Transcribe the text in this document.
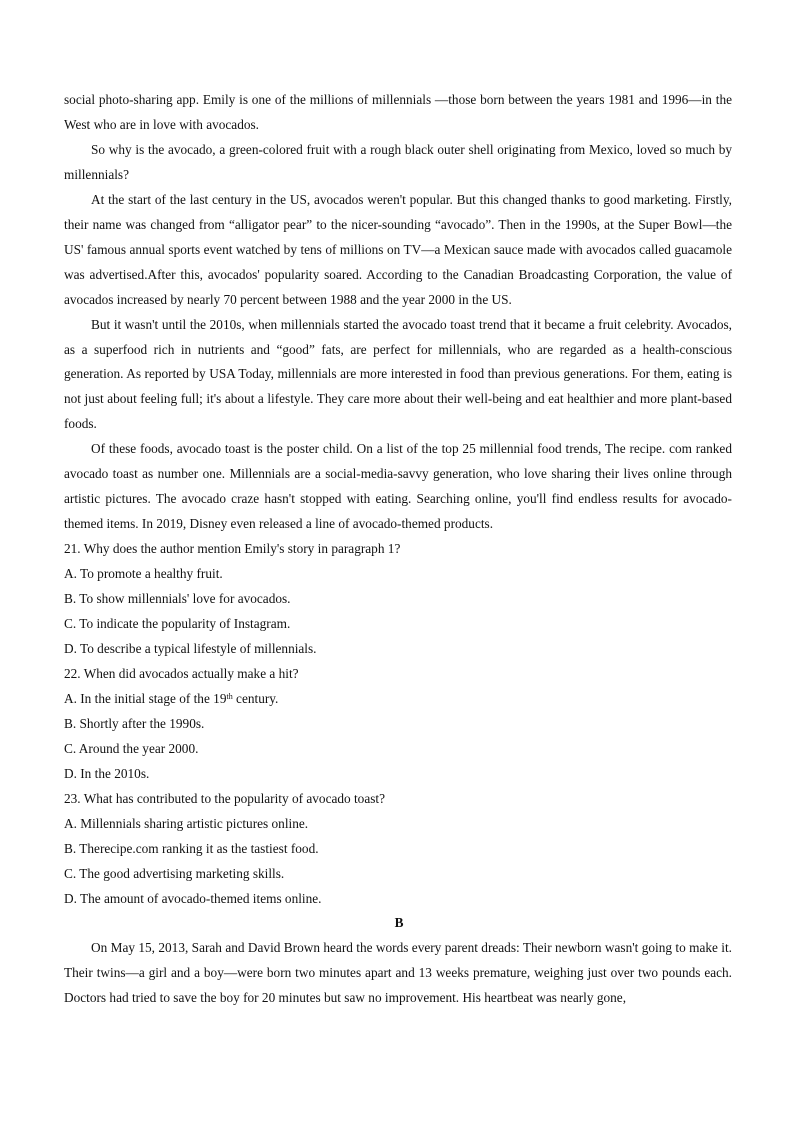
social photo-sharing app. Emily is one of the millions of millennials —those born between the years 1981 and 1996—in the West who are in love with avocados.

So why is the avocado, a green-colored fruit with a rough black outer shell originating from Mexico, loved so much by millennials?

At the start of the last century in the US, avocados weren't popular. But this changed thanks to good marketing. Firstly, their name was changed from “alligator pear” to the nicer-sounding “avocado”. Then in the 1990s, at the Super Bowl—the US' famous annual sports event watched by tens of millions on TV—a Mexican sauce made with avocados called guacamole was advertised.After this, avocados' popularity soared. According to the Canadian Broadcasting Corporation, the value of avocados increased by nearly 70 percent between 1988 and the year 2000 in the US.

But it wasn't until the 2010s, when millennials started the avocado toast trend that it became a fruit celebrity. Avocados, as a superfood rich in nutrients and “good” fats, are perfect for millennials, who are regarded as a health-conscious generation. As reported by USA Today, millennials are more interested in food than previous generations. For them, eating is not just about feeling full; it's about a lifestyle. They care more about their well-being and eat healthier and more plant-based foods.

Of these foods, avocado toast is the poster child. On a list of the top 25 millennial food trends, The recipe. com ranked avocado toast as number one. Millennials are a social-media-savvy generation, who love sharing their lives online through artistic pictures. The avocado craze hasn't stopped with eating. Searching online, you'll find endless results for avocado-themed items. In 2019, Disney even released a line of avocado-themed products.

21. Why does the author mention Emily's story in paragraph 1?

A. To promote a healthy fruit.

B. To show millennials' love for avocados.

C. To indicate the popularity of Instagram.

D. To describe a typical lifestyle of millennials.

22. When did avocados actually make a hit?

A. In the initial stage of the 19th century.

B. Shortly after the 1990s.

C. Around the year 2000.

D. In the 2010s.

23. What has contributed to the popularity of avocado toast?

A. Millennials sharing artistic pictures online.

B. Therecipe.com ranking it as the tastiest food.

C. The good advertising marketing skills.

D. The amount of avocado-themed items online.

B

On May 15, 2013, Sarah and David Brown heard the words every parent dreads: Their newborn wasn't going to make it. Their twins—a girl and a boy—were born two minutes apart and 13 weeks premature, weighing just over two pounds each. Doctors had tried to save the boy for 20 minutes but saw no improvement. His heartbeat was nearly gone,
